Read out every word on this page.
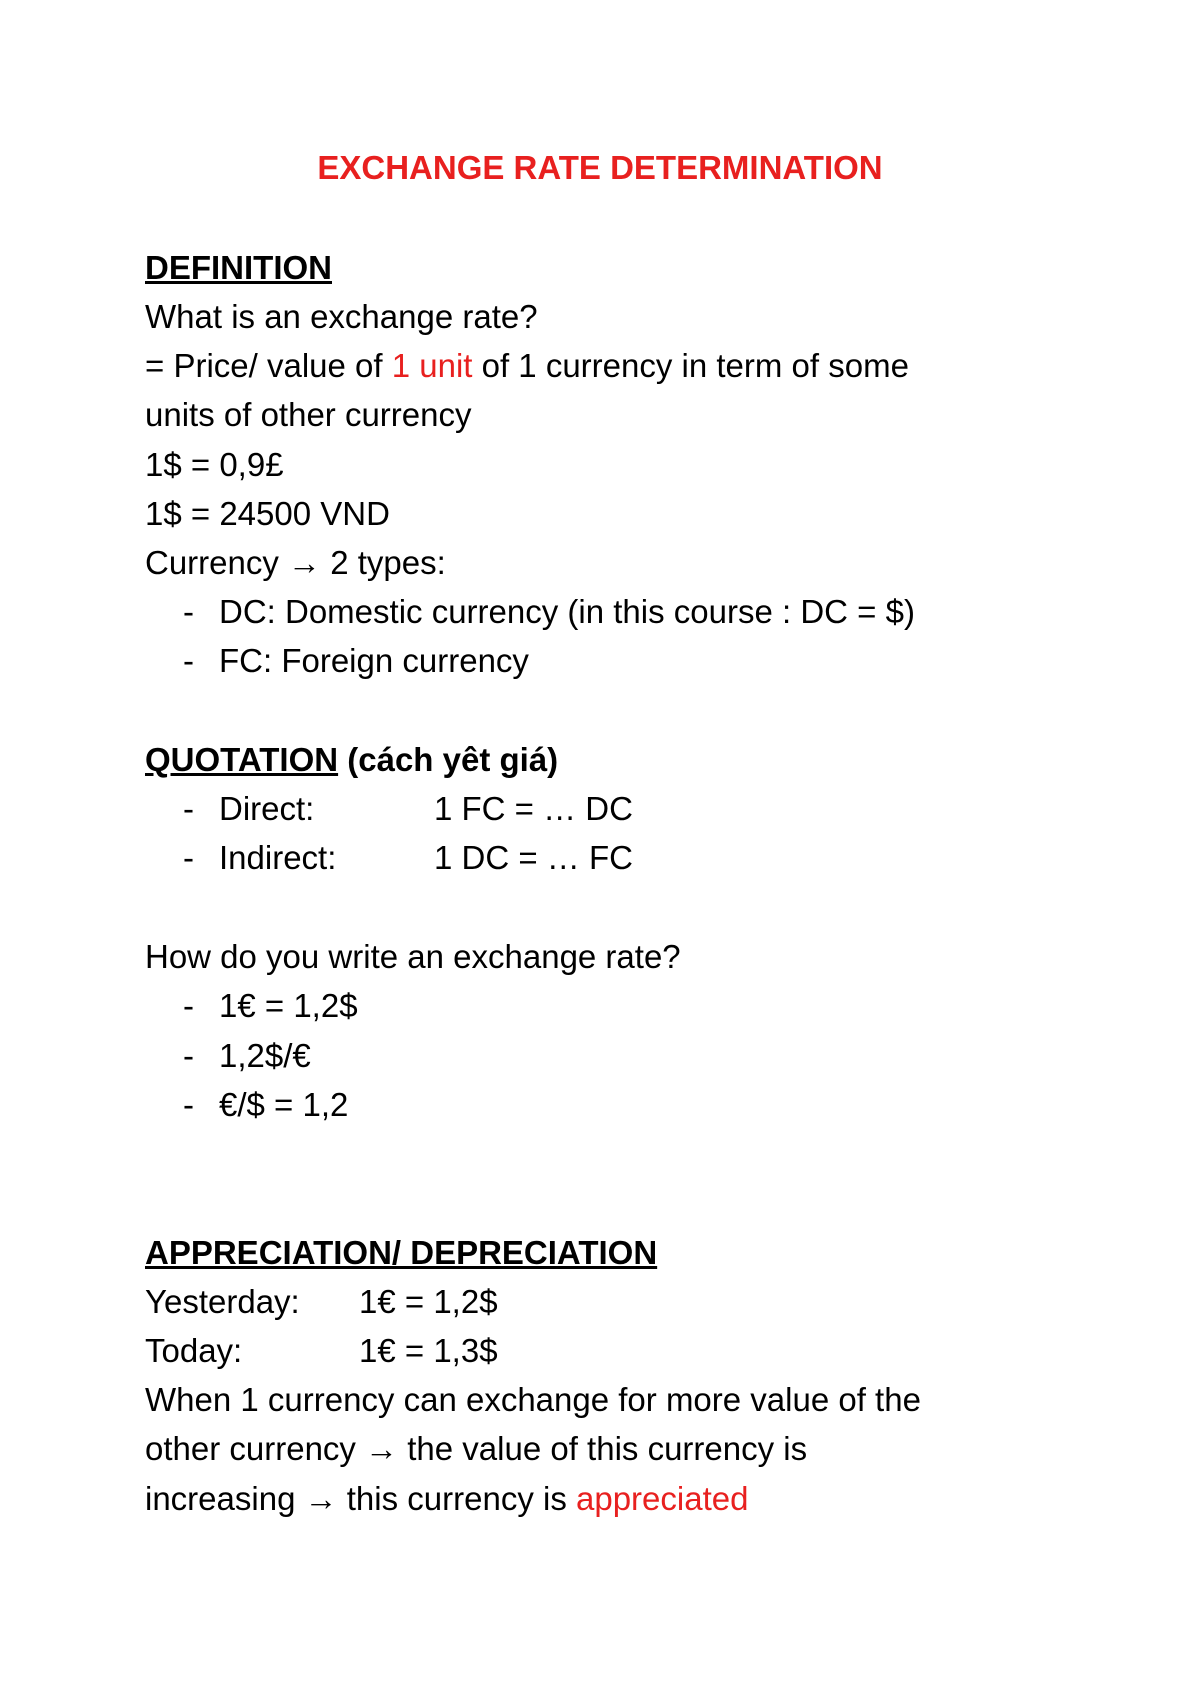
EXCHANGE RATE DETERMINATION
DEFINITION
What is an exchange rate?
= Price/ value of 1 unit of 1 currency in term of some
units of other currency
1$ = 0,9£
1$ = 24500 VND
Currency → 2 types:
- DC: Domestic currency (in this course : DC = $)
- FC: Foreign currency
QUOTATION (cách yêt giá)
- Direct:	1 FC = … DC
- Indirect:	1 DC = … FC
How do you write an exchange rate?
- 1€ = 1,2$
- 1,2$/€
- €/$ = 1,2
APPRECIATION/ DEPRECIATION
Yesterday: 1€ = 1,2$
Today:	1€ = 1,3$
When 1 currency can exchange for more value of the
other currency → the value of this currency is
increasing → this currency is appreciated
